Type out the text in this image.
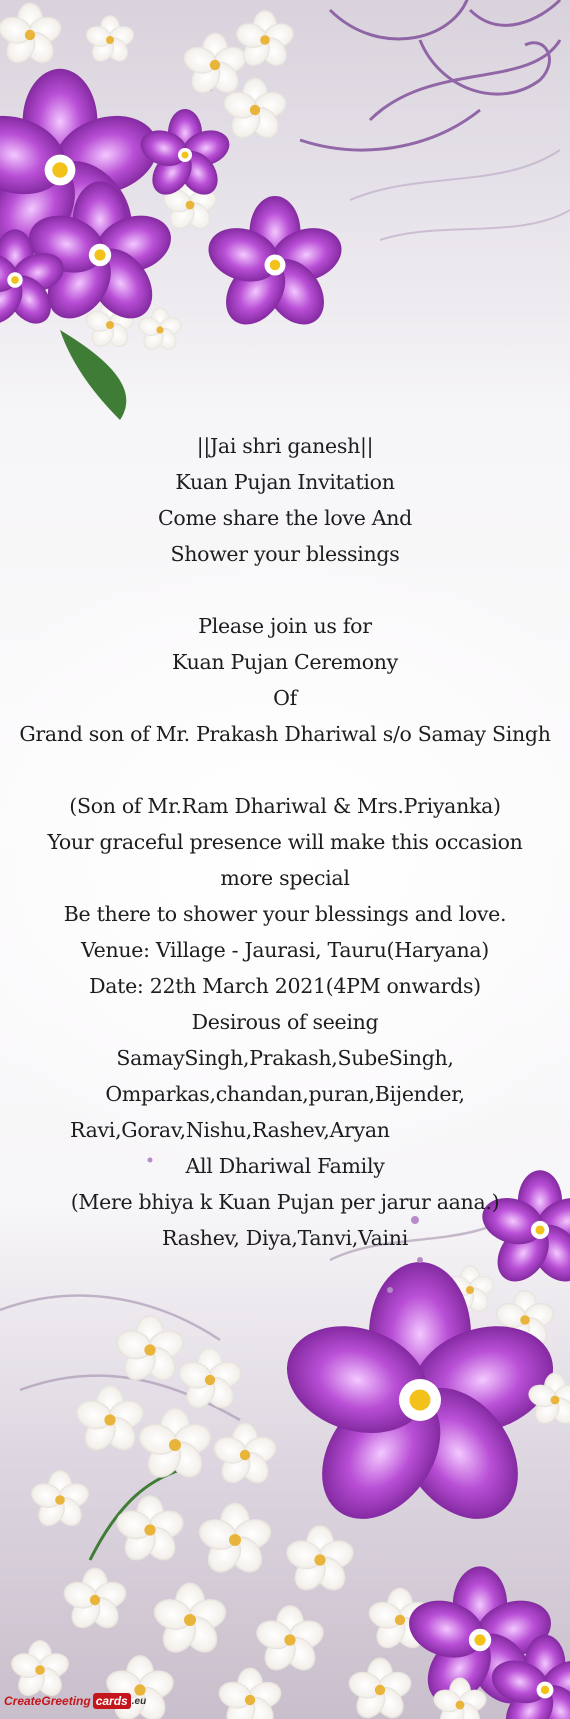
||Jai shri ganesh||
Kuan Pujan Invitation
Come share the love And
Shower your blessings
Please join us for
Kuan Pujan Ceremony
Of
Grand son of Mr. Prakash Dhariwal s/o Samay Singh
(Son of Mr.Ram Dhariwal & Mrs.Priyanka)
Your graceful presence will make this occasion more special
Be there to shower your blessings and love.
Venue: Village - Jaurasi, Tauru(Haryana)
Date: 22th March 2021(4PM onwards)
Desirous of seeing
SamaySingh,Prakash,SubeSingh,
Omparkas,chandan,puran,Bijender,
Ravi,Gorav,Nishu,Rashev,Aryan
All Dhariwal Family
(Mere bhiya k Kuan Pujan per jarur aana.)
Rashev, Diya,Tanvi,Vaini
CreateGreeting cards .eu
